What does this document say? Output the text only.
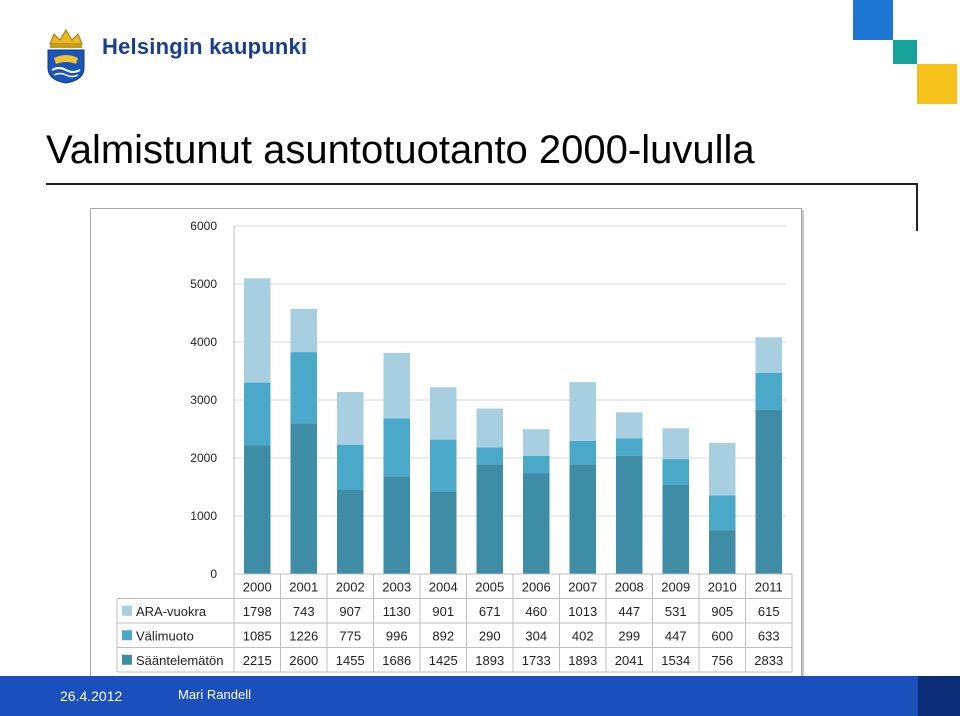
Helsingin kaupunki
Valmistunut asuntotuotanto 2000-luvulla
6000
5000
4000
3000
2000
1000
0
2000 2001 2002 2003 2004 2005 2006 2007 2008 2009 2010 2011
ARA-vuokra	1798 743 907 1130 901 671 460 1013 447 531 905 615
Välimuoto	1085 1226 775 996 892 290 304 402 299 447 600 633
Sääntelemätön 2215 2600 1455 1686 1425 1893 1733 1893 2041 1534 756 2833
26.4.2012	Mari Randell
